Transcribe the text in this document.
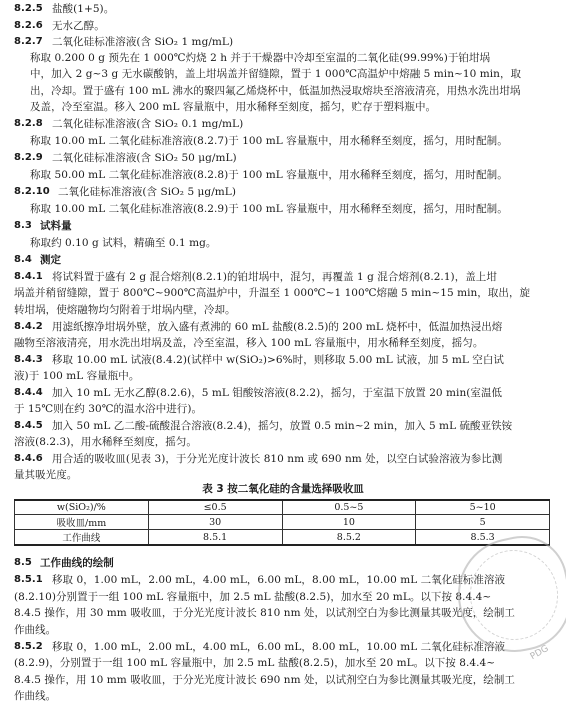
8.2.5 盐酸(1+5)。
8.2.6 无水乙醇。
8.2.7 二氧化硅标准溶液(含 SiO₂ 1 mg/mL)
称取 0.200 0 g 预先在 1 000℃灼烧 2 h 并于干燥器中冷却至室温的二氧化硅(99.99%)于铂坩埚
中，加入 2 g~3 g 无水碳酸钠，盖上坩埚盖并留缝隙，置于 1 000℃高温炉中熔融 5 min~10 min，取
出，冷却。置于盛有 100 mL 沸水的聚四氟乙烯烧杯中，低温加热浸取熔块至溶液清亮，用热水洗出坩埚
及盖，冷至室温。移入 200 mL 容量瓶中，用水稀释至刻度，摇匀，贮存于塑料瓶中。
8.2.8 二氧化硅标准溶液(含 SiO₂ 0.1 mg/mL)
称取 10.00 mL 二氧化硅标准溶液(8.2.7)于 100 mL 容量瓶中，用水稀释至刻度，摇匀，用时配制。
8.2.9 二氧化硅标准溶液(含 SiO₂ 50 μg/mL)
称取 50.00 mL 二氧化硅标准溶液(8.2.8)于 100 mL 容量瓶中，用水稀释至刻度，摇匀，用时配制。
8.2.10 二氧化硅标准溶液(含 SiO₂ 5 μg/mL)
称取 10.00 mL 二氧化硅标准溶液(8.2.9)于 100 mL 容量瓶中，用水稀释至刻度，摇匀，用时配制。
8.3 试料量
称取约 0.10 g 试料，精确至 0.1 mg。
8.4 测定
8.4.1 将试料置于盛有 2 g 混合熔剂(8.2.1)的铂坩埚中，混匀，再覆盖 1 g 混合熔剂(8.2.1)，盖上坩
埚盖并稍留缝隙，置于 800℃~900℃高温炉中，升温至 1 000℃~1 100℃熔融 5 min~15 min，取出，旋
转坩埚，使熔融物均匀附着于坩埚内壁，冷却。
8.4.2 用滤纸擦净坩埚外壁，放入盛有煮沸的 60 mL 盐酸(8.2.5)的 200 mL 烧杯中，低温加热浸出熔
融物至溶液清亮，用水洗出坩埚及盖，冷至室温，移入 100 mL 容量瓶中，用水稀释至刻度，摇匀。
8.4.3 移取 10.00 mL 试液(8.4.2)(试样中 w(SiO₂)>6%时，则移取 5.00 mL 试液，加 5 mL 空白试
液)于 100 mL 容量瓶中。
8.4.4 加入 10 mL 无水乙醇(8.2.6)，5 mL 钼酸铵溶液(8.2.2)，摇匀，于室温下放置 20 min(室温低
于 15℃则在约 30℃的温水浴中进行)。
8.4.5 加入 50 mL 乙二酸-硫酸混合溶液(8.2.4)，摇匀，放置 0.5 min~2 min，加入 5 mL 硫酸亚铁铵
溶液(8.2.3)，用水稀释至刻度，摇匀。
8.4.6 用合适的吸收皿(见表 3)，于分光光度计波长 810 nm 或 690 nm 处，以空白试验溶液为参比测
量其吸光度。
表 3 按二氧化硅的含量选择吸收皿
w(SiO₂)/%	≤0.5	0.5~5	5~10
吸收皿/mm	30	10	5
工作曲线	8.5.1	8.5.2	8.5.3
8.5 工作曲线的绘制
8.5.1 移取 0，1.00 mL，2.00 mL，4.00 mL，6.00 mL，8.00 mL，10.00 mL 二氧化硅标准溶液
(8.2.10)分别置于一组 100 mL 容量瓶中，加 2.5 mL 盐酸(8.2.5)，加水至 20 mL。以下按 8.4.4~
8.4.5 操作，用 30 mm 吸收皿，于分光光度计波长 810 nm 处，以试剂空白为参比测量其吸光度，绘制工
作曲线。
8.5.2 移取 0，1.00 mL，2.00 mL，4.00 mL，6.00 mL，8.00 mL，10.00 mL 二氧化硅标准溶液
(8.2.9)，分别置于一组 100 mL 容量瓶中，加 2.5 mL 盐酸(8.2.5)，加水至 20 mL。以下按 8.4.4~
8.4.5 操作，用 10 mm 吸收皿，于分光光度计波长 690 nm 处，以试剂空白为参比测量其吸光度，绘制工
作曲线。
PDG
